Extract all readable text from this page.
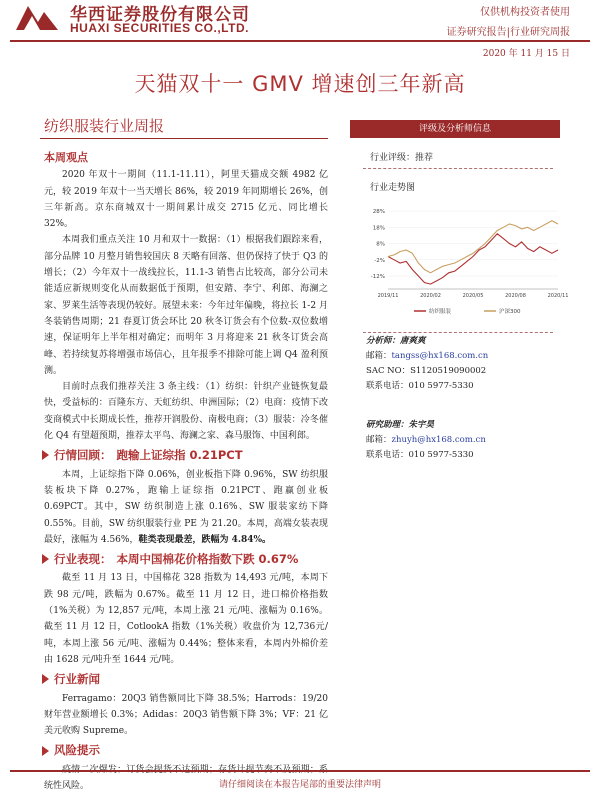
华西证券股份有限公司
HUAXI SECURITIES CO.,LTD.
仅供机构投资者使用
证券研究报告|行业研究周报
2020 年 11 月 15 日
天猫双十一 GMV 增速创三年新高
纺织服装行业周报
本周观点

2020 年双十一期间（11.1-11.11），阿里天猫成交额 4982 亿元，较 2019 年双十一当天增长 86%，较 2019 年同期增长 26%，创三年新高。京东商城双十一期间累计成交 2715 亿元、同比增长 32%。

本周我们重点关注 10 月和双十一数据：（1）根据我们跟踪来看，部分品牌 10 月整月销售较国庆 8 天略有回落、但仍保持了快于 Q3 的增长；（2）今年双十一战线拉长，11.1-3 销售占比较高，部分公司未能适应新规则变化从而数据低于预期，但安踏、李宁、利郎、海澜之家、罗莱生活等表现仍较好。展望未来：今年过年偏晚，将拉长 1-2 月冬装销售周期；21 春夏订货会环比 20 秋冬订货会有个位数-双位数增速，保证明年上半年相对确定；而明年 3 月将迎来 21 秋冬订货会高峰、若持续复苏将增强市场信心，且年报季不排除可能上调 Q4 盈利预测。

目前时点我们推荐关注 3 条主线：（1）纺织：针织产业链恢复最快，受益标的：百隆东方、天虹纺织、申洲国际；（2）电商：疫情下改变商模式中长期成长性，推荐开润股份、南极电商；（3）服装：冷冬催化 Q4 有望超预期，推荐太平鸟、海澜之家、森马服饰、中国利郎。

行情回顾： 跑输上证综指 0.21PCT

本周，上证综指下降 0.06%，创业板指下降 0.96%，SW 纺织服装板块下降 0.27%，跑输上证综指 0.21PCT、跑赢创业板 0.69PCT。其中，SW 纺织制造上涨 0.16%、SW 服装家纺下降 0.55%。目前，SW 纺织服装行业 PE 为 21.20。本周，高端女装表现最好，涨幅为 4.56%，鞋类表现最差，跌幅为 4.84%。

行业表现： 本周中国棉花价格指数下跌 0.67%

截至 11 月 13 日，中国棉花 328 指数为 14,493 元/吨，本周下跌 98 元/吨，跌幅为 0.67%。截至 11 月 12 日，进口棉价格指数（1%关税）为 12,857 元/吨，本周上涨 21 元/吨、涨幅为 0.16%。截至 11 月 12 日，CotlookA 指数（1%关税）收盘价为 12,736元/吨，本周上涨 56 元/吨、涨幅为 0.44%；整体来看，本周内外棉价差由 1628 元/吨升至 1644 元/吨。

行业新闻

Ferragamo：20Q3 销售额同比下降 38.5%；Harrods：19/20 财年营业额增长 0.3%；Adidas：20Q3 销售额下降 3%；VF：21 亿美元收购 Supreme。

风险提示

统性风险。

评级及分析师信息
行业评级：推荐
行业走势图
28%
18%
8%
-2%
-12%
2019/11	2020/02	2020/05	2020/08	2020/11
纺织服装	沪深300
分析师：唐爽爽
邮箱：tangss@hx168.com.cn
SAC NO：S1120519090002
联系电话：010 5977-5330
研究助理：朱宇昊
邮箱：zhuyh@hx168.com.cn
联系电话：010 5977-5330
请仔细阅读在本报告尾部的重要法律声明
